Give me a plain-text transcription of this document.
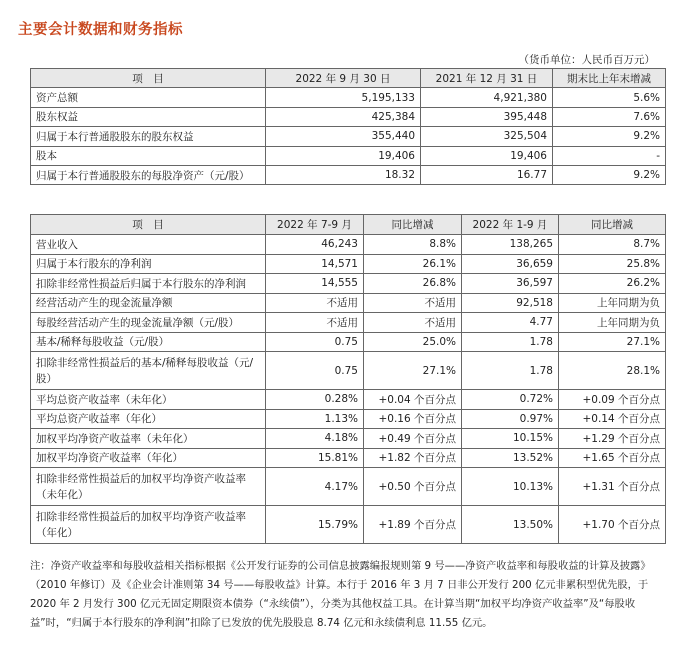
主要会计数据和财务指标
（货币单位：人民币百万元）
项　目	2022 年 9 月 30 日	2021 年 12 月 31 日	期末比上年末增减
资产总额	5,195,133	4,921,380	5.6%
股东权益	425,384	395,448	7.6%
归属于本行普通股股东的股东权益	355,440	325,504	9.2%
股本	19,406	19,406	-
归属于本行普通股股东的每股净资产（元/股）	18.32	16.77	9.2%
项　目	2022 年 7-9 月	同比增减	2022 年 1-9 月	同比增减
营业收入	46,243	8.8%	138,265	8.7%
归属于本行股东的净利润	14,571	26.1%	36,659	25.8%
扣除非经常性损益后归属于本行股东的净利润	14,555	26.8%	36,597	26.2%
经营活动产生的现金流量净额	不适用	不适用	92,518	上年同期为负
每股经营活动产生的现金流量净额（元/股）	不适用	不适用	4.77	上年同期为负
基本/稀释每股收益（元/股）	0.75	25.0%	1.78	27.1%
扣除非经常性损益后的基本/稀释每股收益（元/股）	0.75	27.1%	1.78	28.1%
平均总资产收益率（未年化）	0.28%	+0.04 个百分点	0.72%	+0.09 个百分点
平均总资产收益率（年化）	1.13%	+0.16 个百分点	0.97%	+0.14 个百分点
加权平均净资产收益率（未年化）	4.18%	+0.49 个百分点	10.15%	+1.29 个百分点
加权平均净资产收益率（年化）	15.81%	+1.82 个百分点	13.52%	+1.65 个百分点
扣除非经常性损益后的加权平均净资产收益率（未年化）	4.17%	+0.50 个百分点	10.13%	+1.31 个百分点
扣除非经常性损益后的加权平均净资产收益率（年化）	15.79%	+1.89 个百分点	13.50%	+1.70 个百分点
注：净资产收益率和每股收益相关指标根据《公开发行证券的公司信息披露编报规则第 9 号——净资产收益率和每股收益的计算及披露》（2010 年修订）及《企业会计准则第 34 号——每股收益》计算。本行于 2016 年 3 月 7 日非公开发行 200 亿元非累积型优先股，于 2020 年 2 月发行 300 亿元无固定期限资本债券（“永续债”），分类为其他权益工具。在计算当期“加权平均净资产收益率”及“每股收益”时，“归属于本行股东的净利润”扣除了已发放的优先股股息 8.74 亿元和永续债利息 11.55 亿元。
